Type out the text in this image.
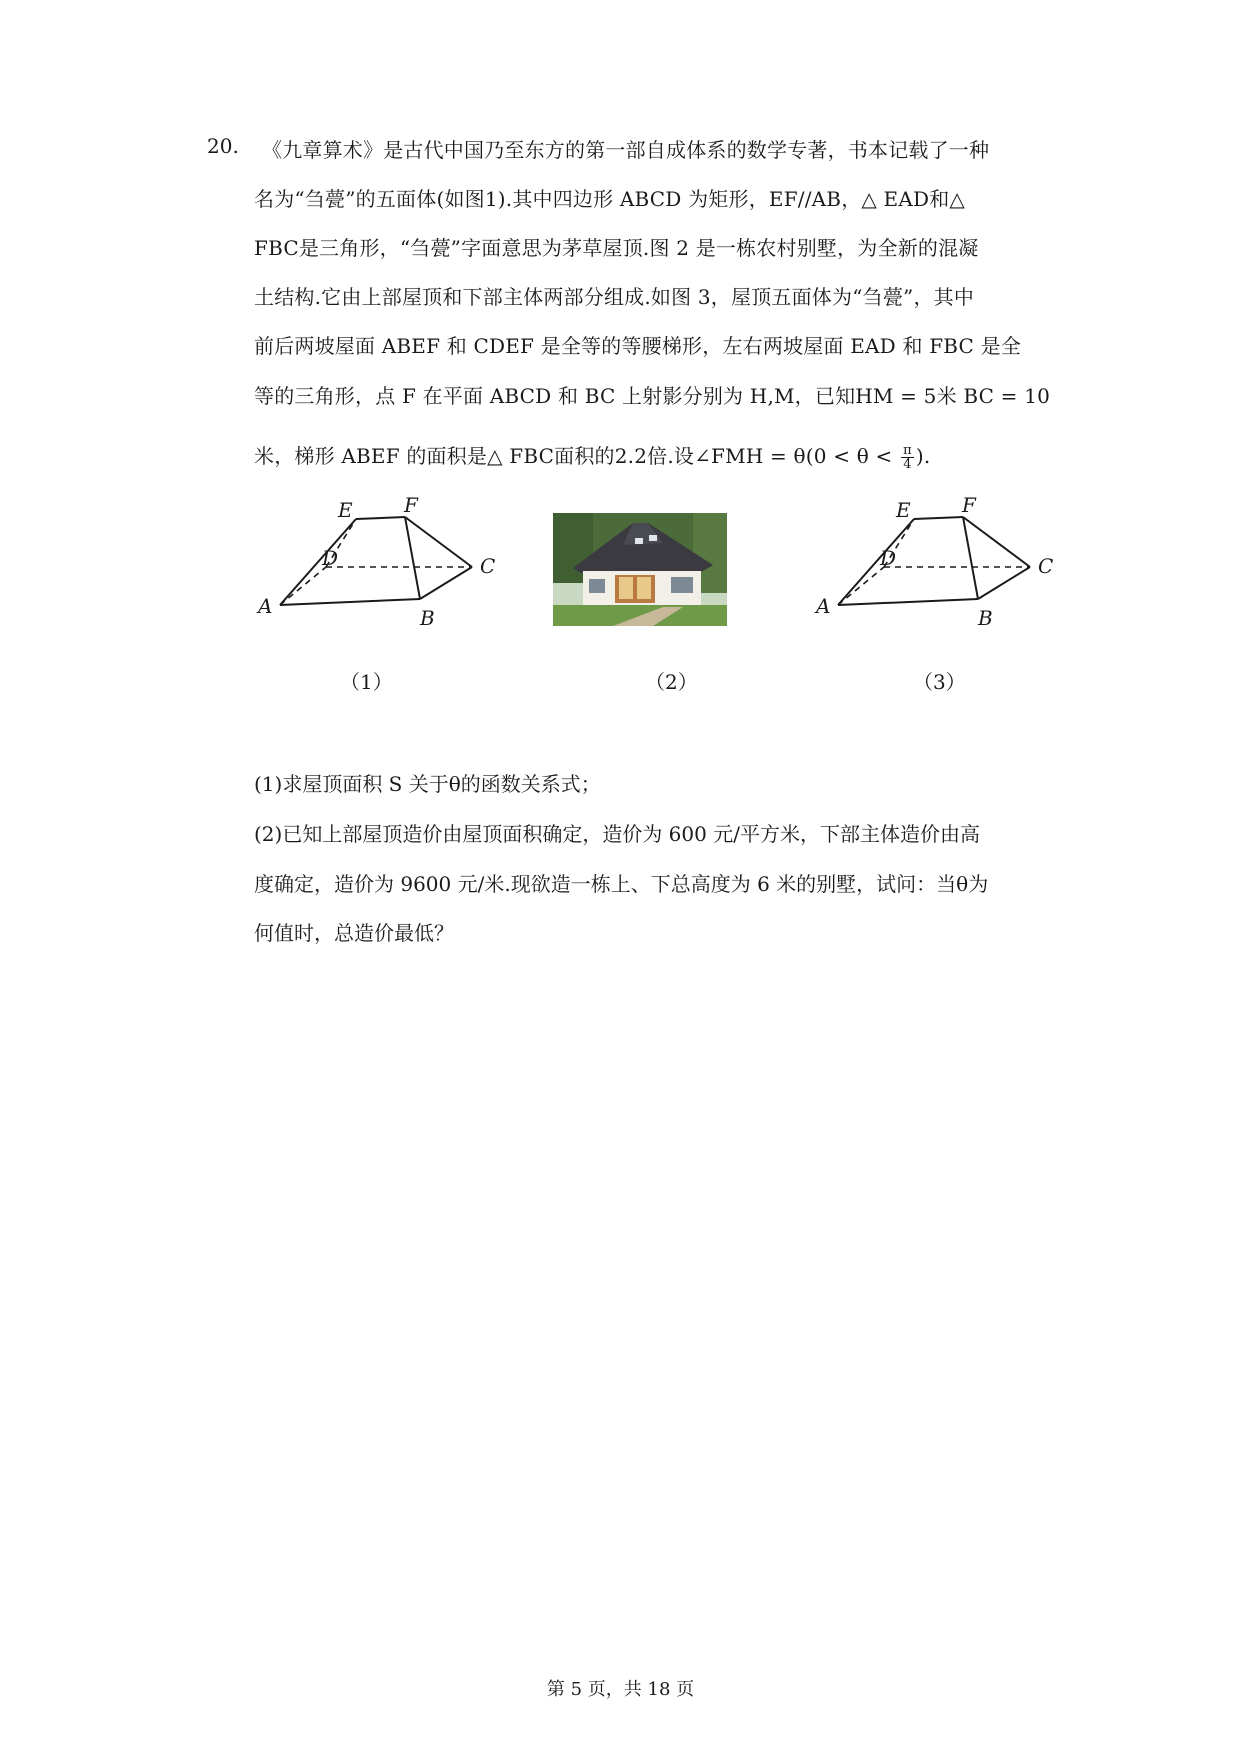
20. 《九章算术》是古代中国乃至东方的第一部自成体系的数学专著，书本记载了一种
名为“刍甍”的五面体(如图1).其中四边形 ABCD 为矩形，EF//AB，△ EAD和△
FBC是三角形，“刍甍”字面意思为茅草屋顶.图 2 是一栋农村别墅，为全新的混凝
土结构.它由上部屋顶和下部主体两部分组成.如图 3，屋顶五面体为“刍甍”，其中
前后两坡屋面 ABEF 和 CDEF 是全等的等腰梯形，左右两坡屋面 EAD 和 FBC 是全
等的三角形，点 F 在平面 ABCD 和 BC 上射影分别为 H,M，已知HM = 5米 BC = 10
米，梯形 ABEF 的面积是△ FBC面积的2.2倍.设∠FMH = $\theta(0 < \theta < \frac{\pi}{4}$ ).
E	F
D	C
A	B
E	F
D	C
A	B
（1）	（2）	（3）
(1)求屋顶面积 S 关于θ的函数关系式；
(2)已知上部屋顶造价由屋顶面积确定，造价为 600 元/平方米，下部主体造价由高
度确定，造价为 9600 元/米.现欲造一栋上、下总高度为 6 米的别墅，试问：当θ为
何值时，总造价最低？
第 5 页，共 18 页
